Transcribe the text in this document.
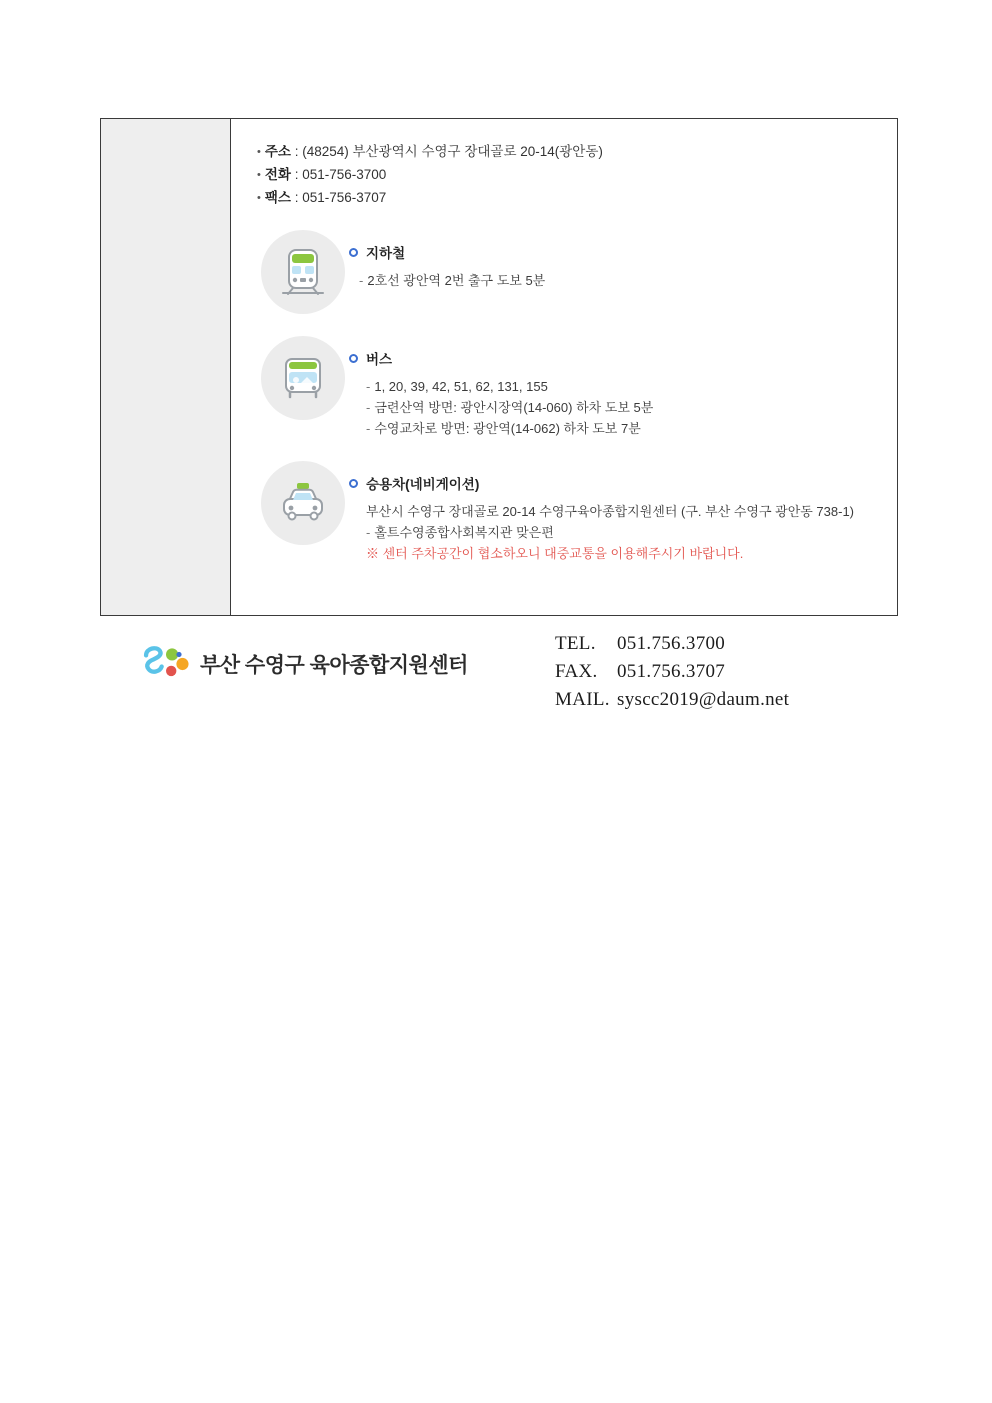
• 주소 : (48254) 부산광역시 수영구 장대골로 20-14(광안동)
• 전화 : 051-756-3700
• 팩스 : 051-756-3707
지하철
- 2호선 광안역 2번 출구 도보 5분
버스
- 1, 20, 39, 42, 51, 62, 131, 155
- 금련산역 방면: 광안시장역(14-060) 하차 도보 5분
- 수영교차로 방면: 광안역(14-062) 하차 도보 7분
승용차(네비게이션)
부산시 수영구 장대골로 20-14 수영구육아종합지원센터 (구. 부산 수영구 광안동 738-1)
- 홀트수영종합사회복지관 맞은편
※ 센터 주차공간이 협소하오니 대중교통을 이용해주시기 바랍니다.
부산 수영구 육아종합지원센터
TEL. 051.756.3700
FAX. 051.756.3707
MAIL. syscc2019@daum.net
